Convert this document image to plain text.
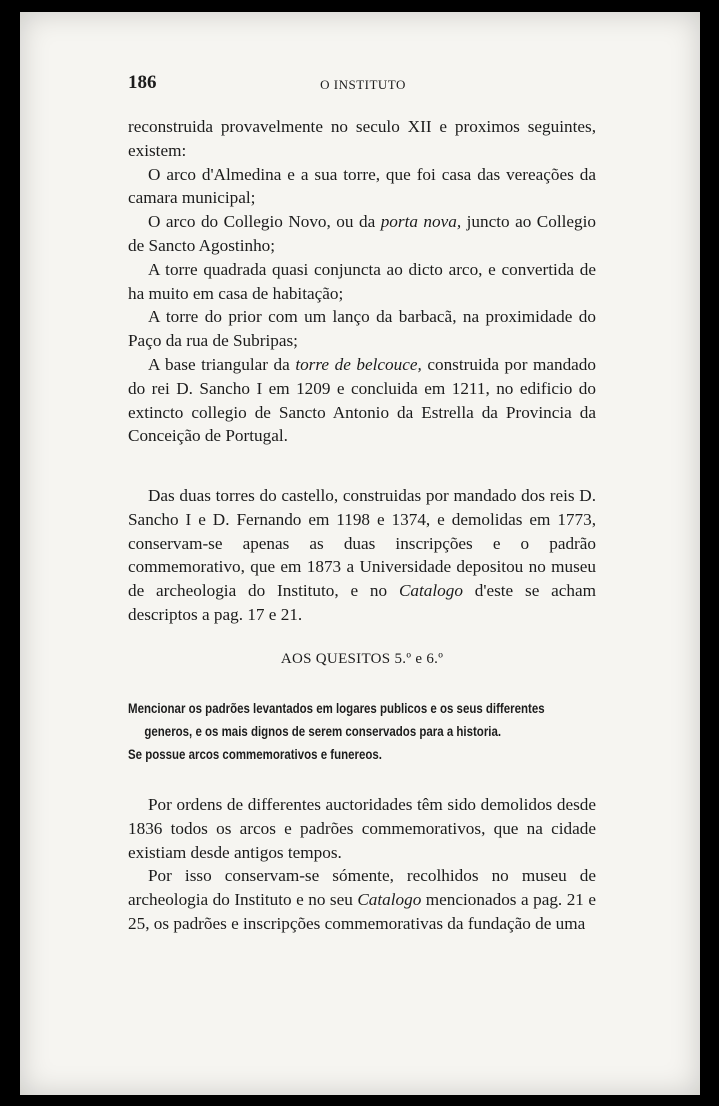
186	O INSTITUTO

reconstruida provavelmente no seculo XII e proximos seguintes, existem:

O arco d'Almedina e a sua torre, que foi casa das vereações da camara municipal;

O arco do Collegio Novo, ou da porta nova, juncto ao Collegio de Sancto Agostinho;

A torre quadrada quasi conjuncta ao dicto arco, e convertida de ha muito em casa de habitação;

A torre do prior com um lanço da barbacã, na proximidade do Paço da rua de Subripas;

A base triangular da torre de belcouce, construida por mandado do rei D. Sancho I em 1209 e concluida em 1211, no edificio do extincto collegio de Sancto Antonio da Estrella da Provincia da Conceição de Portugal.

Das duas torres do castello, construidas por mandado dos reis D. Sancho I e D. Fernando em 1198 e 1374, e demolidas em 1773, conservam-se apenas as duas inscripções e o padrão commemorativo, que em 1873 a Universidade depositou no museu de archeologia do Instituto, e no Catalogo d'este se acham descriptos a pag. 17 e 21.

AOS QUESITOS 5.º e 6.º

Mencionar os padrões levantados em logares publicos e os seus differentes

generos, e os mais dignos de serem conservados para a historia.

Se possue arcos commemorativos e funereos.

Por ordens de differentes auctoridades têm sido demolidos desde 1836 todos os arcos e padrões commemorativos, que na cidade existiam desde antigos tempos.

Por isso conservam-se sómente, recolhidos no museu de archeologia do Instituto e no seu Catalogo mencionados a pag. 21 e 25, os padrões e inscripções commemorativas da fundação de uma
